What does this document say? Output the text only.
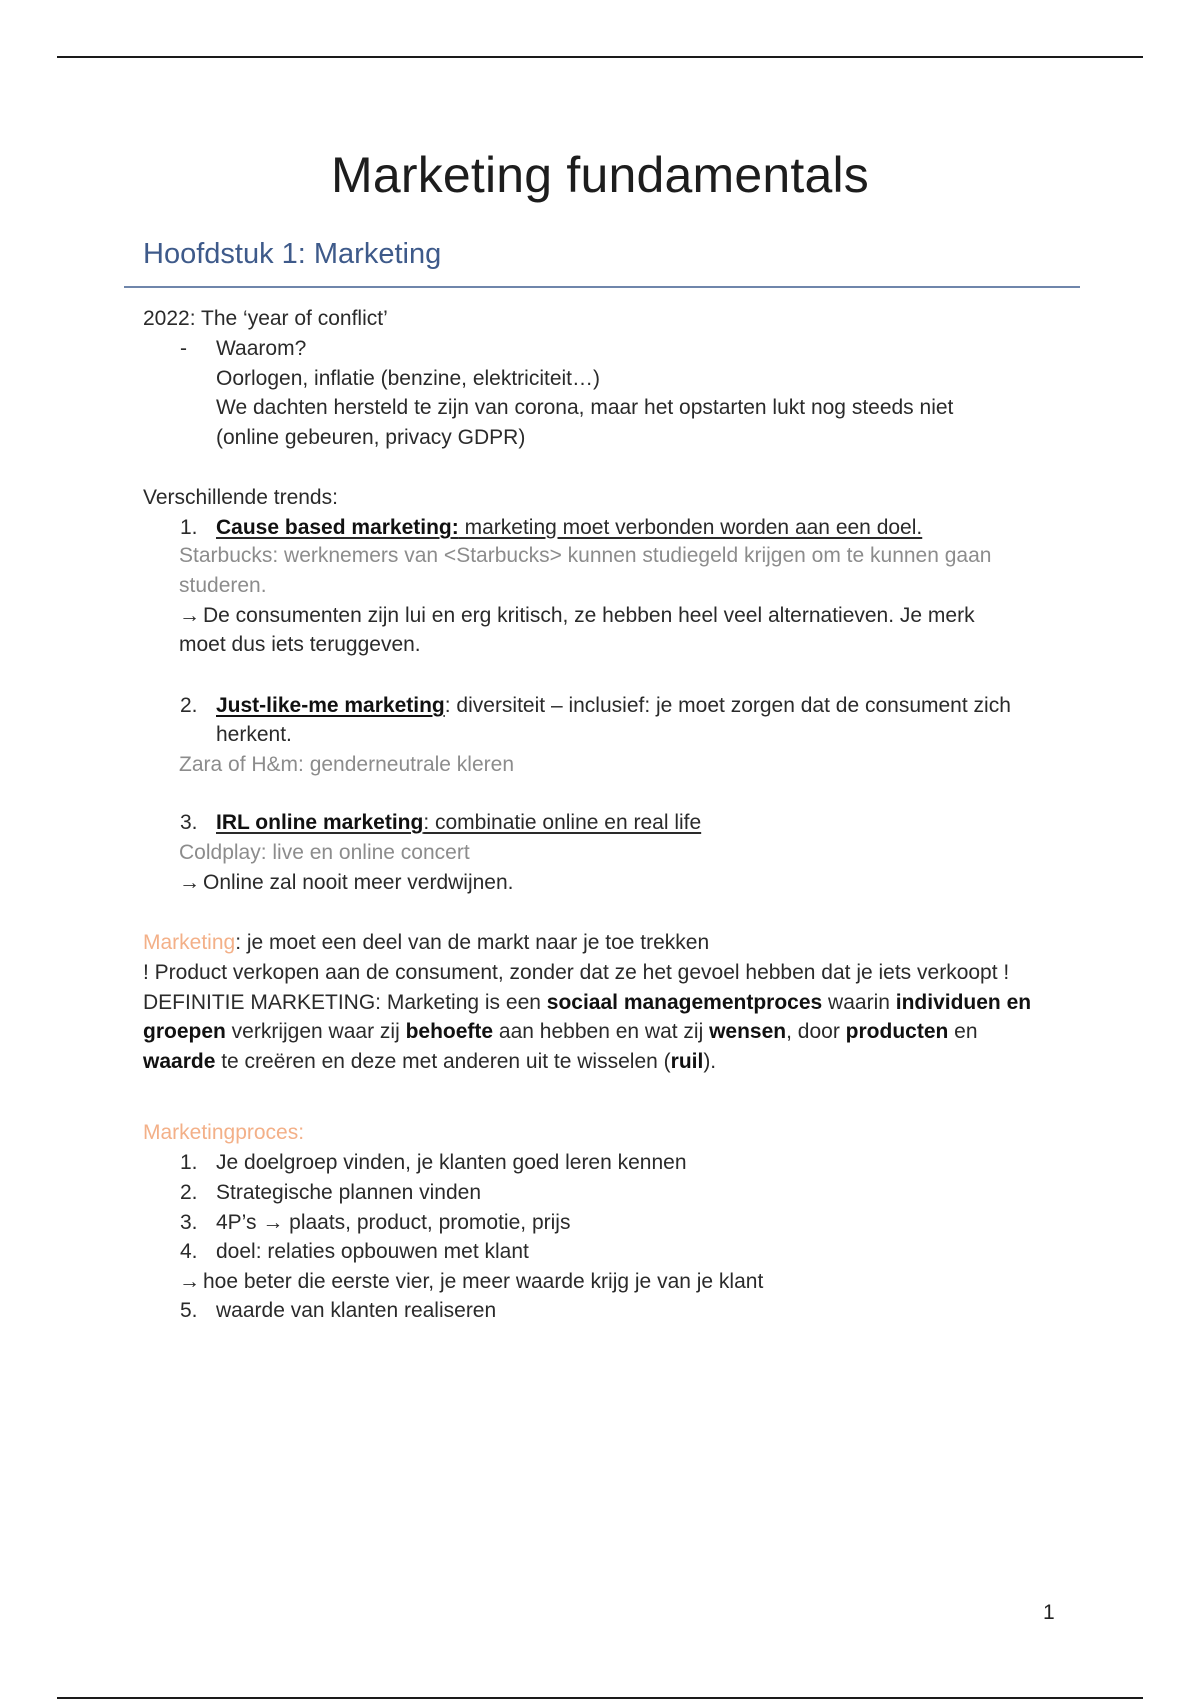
Marketing fundamentals
Hoofdstuk 1: Marketing
2022: The ‘year of conflict’
- Waarom?
Oorlogen, inflatie (benzine, elektriciteit…)
We dachten hersteld te zijn van corona, maar het opstarten lukt nog steeds niet
(online gebeuren, privacy GDPR)
Verschillende trends:
1. Cause based marketing: marketing moet verbonden worden aan een doel.
Starbucks: werknemers van <Starbucks> kunnen studiegeld krijgen om te kunnen gaan
studeren.
→ De consumenten zijn lui en erg kritisch, ze hebben heel veel alternatieven. Je merk
moet dus iets teruggeven.
2. Just-like-me marketing: diversiteit – inclusief: je moet zorgen dat de consument zich
herkent.
Zara of H&m: genderneutrale kleren
3. IRL online marketing: combinatie online en real life
Coldplay: live en online concert
→ Online zal nooit meer verdwijnen.
Marketing: je moet een deel van de markt naar je toe trekken
! Product verkopen aan de consument, zonder dat ze het gevoel hebben dat je iets verkoopt !
DEFINITIE MARKETING: Marketing is een sociaal managementproces waarin individuen en
groepen verkrijgen waar zij behoefte aan hebben en wat zij wensen, door producten en
waarde te creëren en deze met anderen uit te wisselen (ruil).
Marketingproces:
1. Je doelgroep vinden, je klanten goed leren kennen
2. Strategische plannen vinden
3. 4P’s → plaats, product, promotie, prijs
4. doel: relaties opbouwen met klant
→ hoe beter die eerste vier, je meer waarde krijg je van je klant
5. waarde van klanten realiseren
1
